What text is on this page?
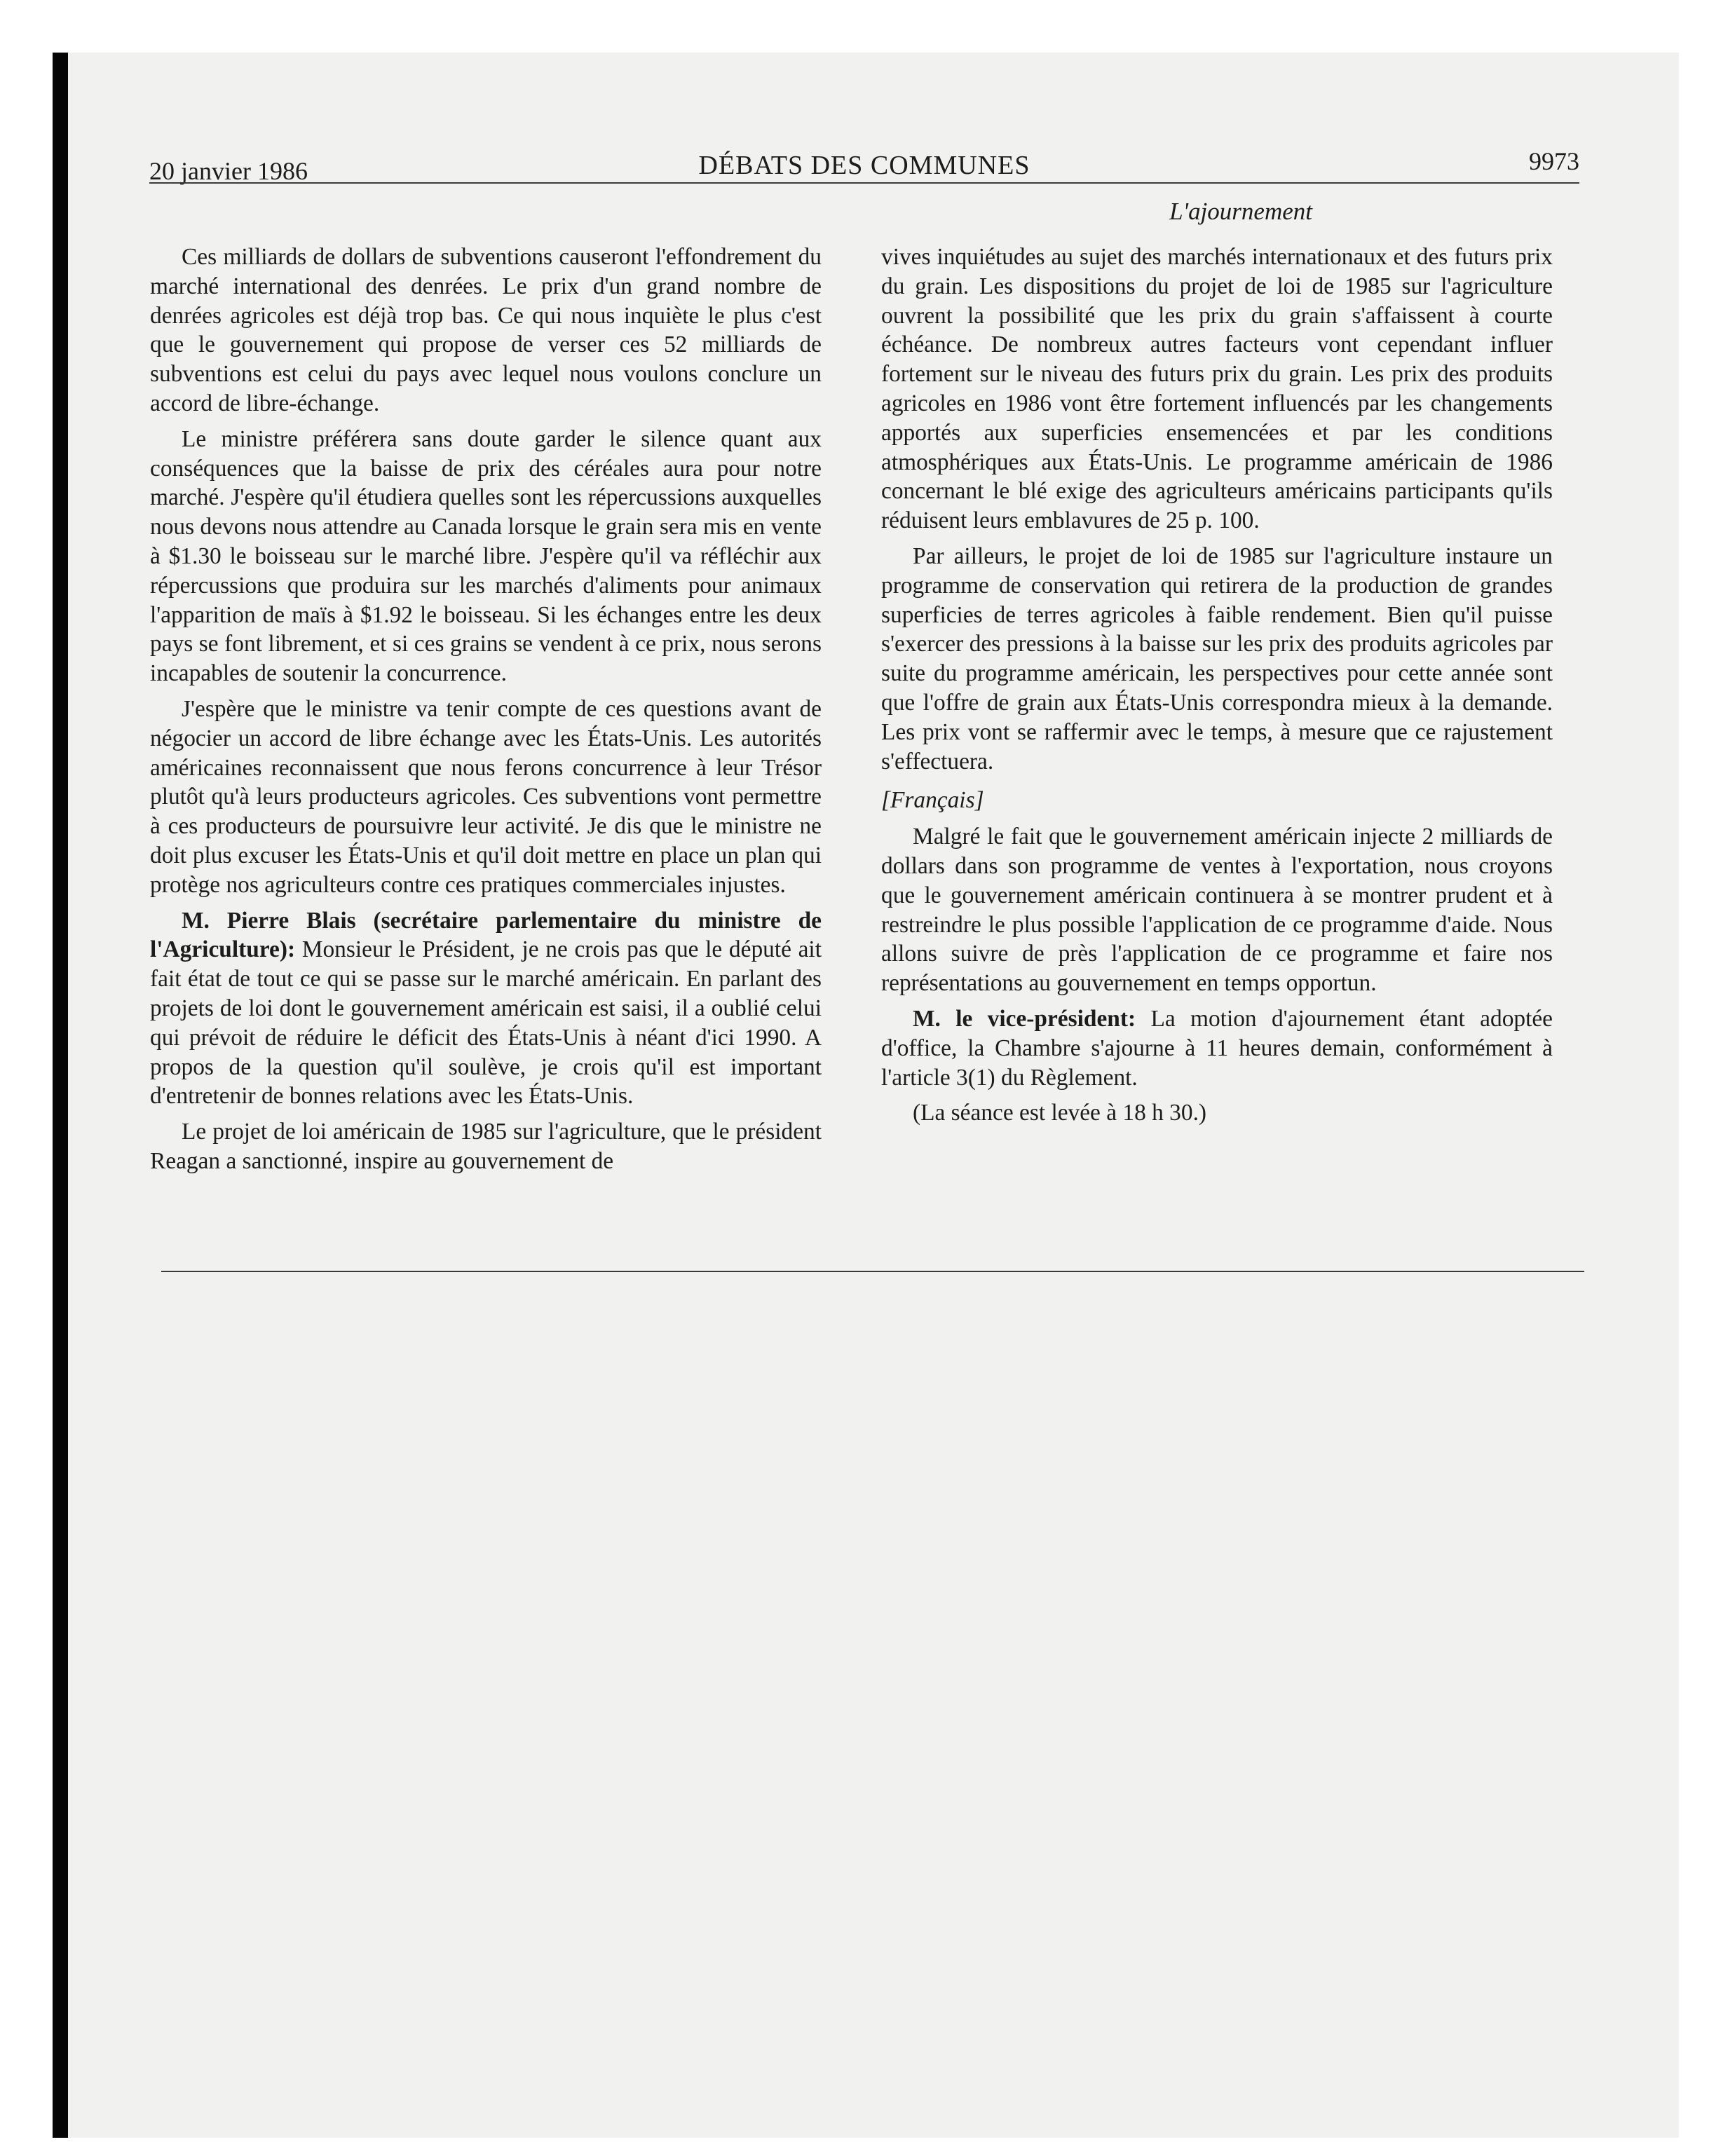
20 janvier 1986	DÉBATS DES COMMUNES	9973
L'ajournement

Ces milliards de dollars de subventions causeront l'effondrement du marché international des denrées. Le prix d'un grand nombre de denrées agricoles est déjà trop bas. Ce qui nous inquiète le plus c'est que le gouvernement qui propose de verser ces 52 milliards de subventions est celui du pays avec lequel nous voulons conclure un accord de libre-échange.

Le ministre préférera sans doute garder le silence quant aux conséquences que la baisse de prix des céréales aura pour notre marché. J'espère qu'il étudiera quelles sont les répercussions auxquelles nous devons nous attendre au Canada lorsque le grain sera mis en vente à $1.30 le boisseau sur le marché libre. J'espère qu'il va réfléchir aux répercussions que produira sur les marchés d'aliments pour animaux l'apparition de maïs à $1.92 le boisseau. Si les échanges entre les deux pays se font librement, et si ces grains se vendent à ce prix, nous serons incapables de soutenir la concurrence.

J'espère que le ministre va tenir compte de ces questions avant de négocier un accord de libre échange avec les États-Unis. Les autorités américaines reconnaissent que nous ferons concurrence à leur Trésor plutôt qu'à leurs producteurs agricoles. Ces subventions vont permettre à ces producteurs de poursuivre leur activité. Je dis que le ministre ne doit plus excuser les États-Unis et qu'il doit mettre en place un plan qui protège nos agriculteurs contre ces pratiques commerciales injustes.

M. Pierre Blais (secrétaire parlementaire du ministre de l'Agriculture): Monsieur le Président, je ne crois pas que le député ait fait état de tout ce qui se passe sur le marché américain. En parlant des projets de loi dont le gouvernement américain est saisi, il a oublié celui qui prévoit de réduire le déficit des États-Unis à néant d'ici 1990. A propos de la question qu'il soulève, je crois qu'il est important d'entretenir de bonnes relations avec les États-Unis.

Le projet de loi américain de 1985 sur l'agriculture, que le président Reagan a sanctionné, inspire au gouvernement de

vives inquiétudes au sujet des marchés internationaux et des futurs prix du grain. Les dispositions du projet de loi de 1985 sur l'agriculture ouvrent la possibilité que les prix du grain s'affaissent à courte échéance. De nombreux autres facteurs vont cependant influer fortement sur le niveau des futurs prix du grain. Les prix des produits agricoles en 1986 vont être fortement influencés par les changements apportés aux superficies ensemencées et par les conditions atmosphériques aux États-Unis. Le programme américain de 1986 concernant le blé exige des agriculteurs américains participants qu'ils réduisent leurs emblavures de 25 p. 100.

Par ailleurs, le projet de loi de 1985 sur l'agriculture instaure un programme de conservation qui retirera de la production de grandes superficies de terres agricoles à faible rendement. Bien qu'il puisse s'exercer des pressions à la baisse sur les prix des produits agricoles par suite du programme américain, les perspectives pour cette année sont que l'offre de grain aux États-Unis correspondra mieux à la demande. Les prix vont se raffermir avec le temps, à mesure que ce rajustement s'effectuera.

[Français]

Malgré le fait que le gouvernement américain injecte 2 milliards de dollars dans son programme de ventes à l'exportation, nous croyons que le gouvernement américain continuera à se montrer prudent et à restreindre le plus possible l'application de ce programme d'aide. Nous allons suivre de près l'application de ce programme et faire nos représentations au gouvernement en temps opportun.

M. le vice-président: La motion d'ajournement étant adoptée d'office, la Chambre s'ajourne à 11 heures demain, conformément à l'article 3(1) du Règlement.

(La séance est levée à 18 h 30.)
